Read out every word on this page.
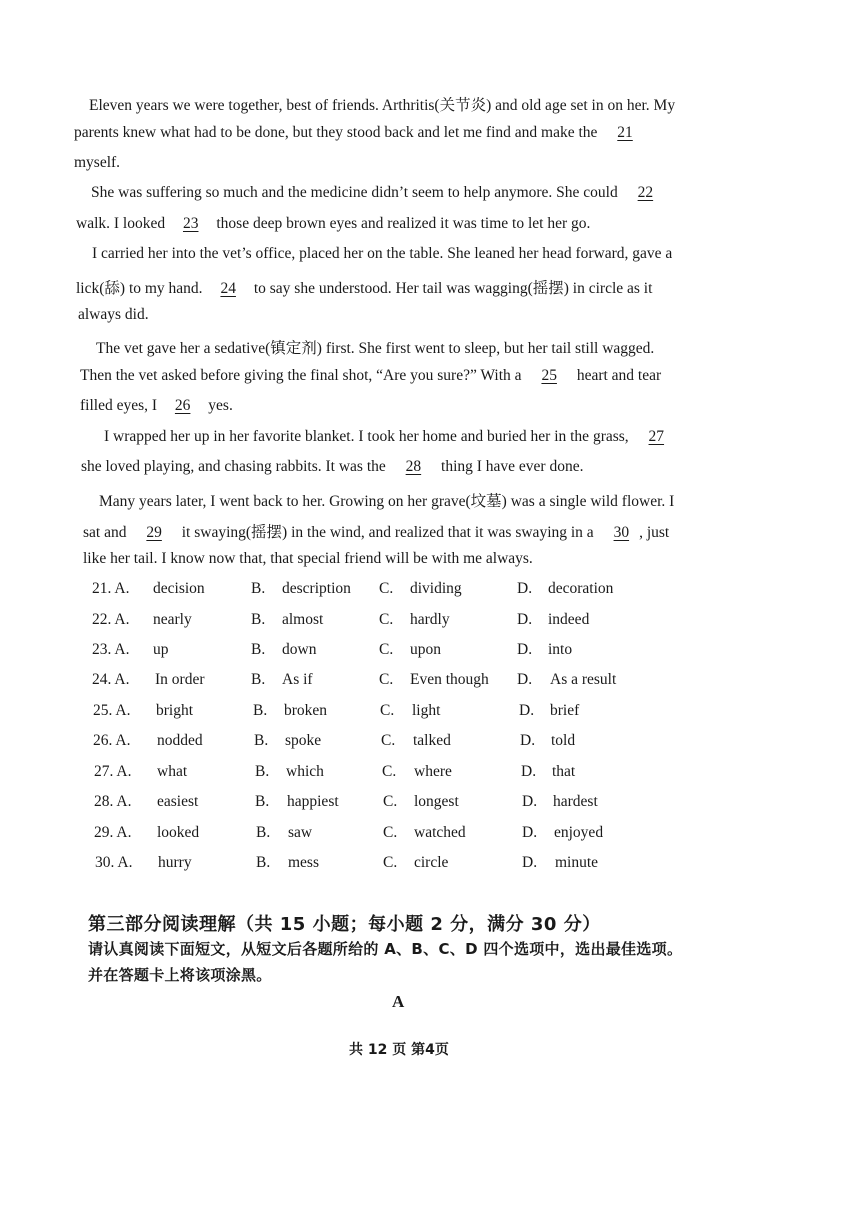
Eleven years we were together, best of friends. Arthritis(关节炎) and old age set in on her. My
parents knew what had to be done, but they stood back and let me find and make the 21
myself.
She was suffering so much and the medicine didn’t seem to help anymore. She could 22
walk. I looked 23 those deep brown eyes and realized it was time to let her go.
I carried her into the vet’s office, placed her on the table. She leaned her head forward, gave a
lick(舔) to my hand. 24 to say she understood. Her tail was wagging(摇摆) in circle as it
always did.
The vet gave her a sedative(镇定剂) first. She first went to sleep, but her tail still wagged.
Then the vet asked before giving the final shot, “Are you sure?” With a 25 heart and tear
filled eyes, I 26 yes.
I wrapped her up in her favorite blanket. I took her home and buried her in the grass, 27
she loved playing, and chasing rabbits. It was the 28 thing I have ever done.
Many years later, I went back to her. Growing on her grave(坟墓) was a single wild flower. I
sat and 29 it swaying(摇摆) in the wind, and realized that it was swaying in a 30 , just
like her tail. I know now that, that special friend will be with me always.
21. A. decision	B. description C. dividing	D. decoration
22. A. nearly	B. almost	C. hardly	D. indeed
23. A. up	B. down	C. upon	D. into
24. A. In order	B. As if	C. Even though D. As a result
25. A. bright	B. broken	C. light	D. brief
26. A. nodded	B. spoke	C. talked	D. told
27. A. what	B. which	C. where	D. that
28. A. easiest	B. happiest	C. longest	D. hardest
29. A. looked	B. saw	C. watched	D. enjoyed
30. A. hurry	B. mess	C. circle	D. minute
第三部分阅读理解（共 15 小题；每小题 2 分，满分 30 分）
请认真阅读下面短文，从短文后各题所给的 A、B、C、D 四个选项中，选出最佳选项。
并在答题卡上将该项涂黑。
A
共 12 页 第4页
